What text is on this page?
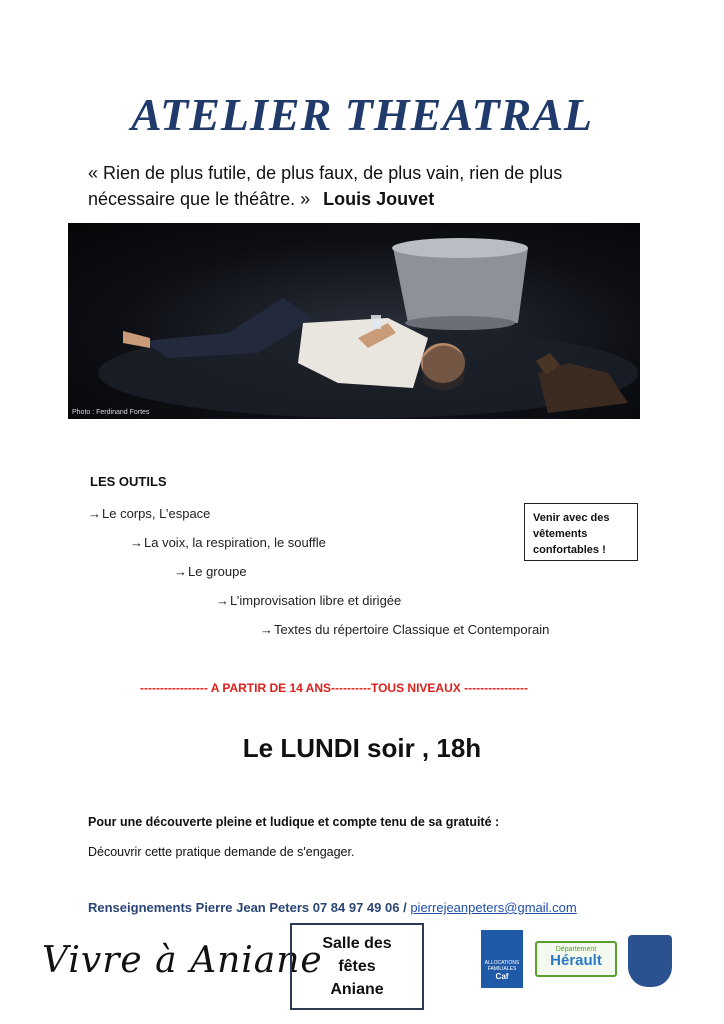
ATELIER THEATRAL
« Rien de plus futile, de plus faux, de plus vain, rien de plus nécessaire que le théâtre. » Louis Jouvet
Photo : Ferdinand Fortes
LES OUTILS
→Le corps, L’espace
→La voix, la respiration, le souffle
→Le groupe
→L’improvisation libre et dirigée
→Textes du répertoire Classique et Contemporain
Venir avec des vêtements confortables !
----------------- A PARTIR DE 14 ANS----------TOUS NIVEAUX ----------------
Le LUNDI soir , 18h
Pour une découverte pleine et ludique et compte tenu de sa gratuité :
Découvrir cette pratique demande de s'engager.
Renseignements Pierre Jean Peters 07 84 97 49 06 / pierrejeanpeters@gmail.com
Vivre à Aniane Salle des
fêtes
Aniane
ALLOCATIONS FAMILIALES
Caf
Département
Hérault
